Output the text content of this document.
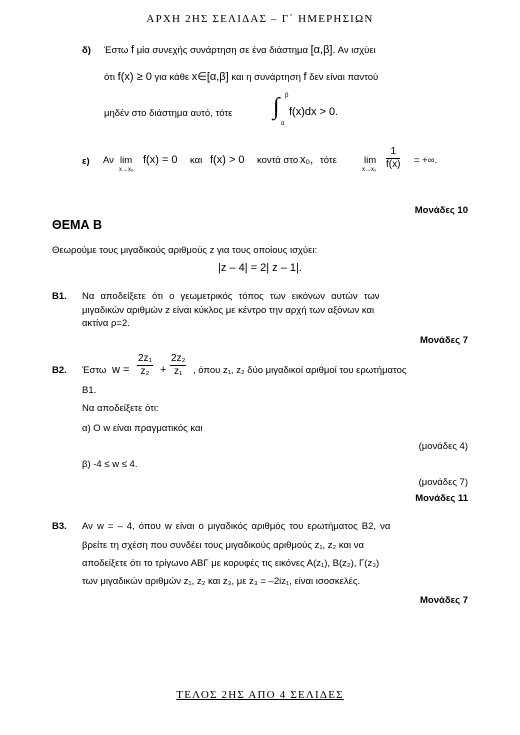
ΑΡΧΗ 2ΗΣ ΣΕΛΙΔΑΣ – Γ΄ ΗΜΕΡΗΣΙΩΝ
δ) Έστω f μία συνεχής συνάρτηση σε ένα διάστημα [α,β]. Αν ισχύει
ότι f(x) ≥ 0 για κάθε x∈[α,β] και η συνάρτηση f δεν είναι παντού
μηδέν στο διάστημα αυτό, τότε ∫ β
α
f(x)dx > 0.
ε) Αν lim
x→x₀
f(x) = 0 και f(x) > 0 κοντά στο x₀, τότε	lim
$x\to x_0 \frac{1}{f(x)}$ = +∞.
Μονάδες 10
ΘΕΜΑ Β
Θεωρούμε τους μιγαδικούς αριθμούς z για τους οποίους ισχύει:
|z – 4| = 2| z – 1|.
Β1. Να αποδείξετε ότι ο γεωμετρικός τόπος των εικόνων αυτών των
μιγαδικών αριθμών z είναι κύκλος με κέντρο την αρχή των αξόνων και
ακτίνα ρ=2.
Μονάδες 7
Β2. Έστω $w = \frac{\text{2z₁}}{\text{z₂}} + \frac{\text{2z₂}}{\text{z₁}}$ , όπου z₁, z₂ δύο μιγαδικοί αριθμοί του ερωτήματος
Β1.
Να αποδείξετε ότι:
α) Ο w είναι πραγματικός και
(μονάδες 4)
β) -4 ≤ w ≤ 4.
(μονάδες 7)
Μονάδες 11
Β3. Αν w = – 4, όπου w είναι ο μιγαδικός αριθμός του ερωτήματος Β2, να
βρείτε τη σχέση που συνδέει τους μιγαδικούς αριθμούς z₁, z₂ και να
αποδείξετε ότι το τρίγωνο ΑΒΓ με κορυφές τις εικόνες Α(z₁), Β(z₂), Γ(z₃)
των μιγαδικών αριθμών z₁, z₂ και z₃, με z₃ = –2iz₁, είναι ισοσκελές.
Μονάδες 7
ΤΕΛΟΣ 2ΗΣ ΑΠΟ 4 ΣΕΛΙΔΕΣ
